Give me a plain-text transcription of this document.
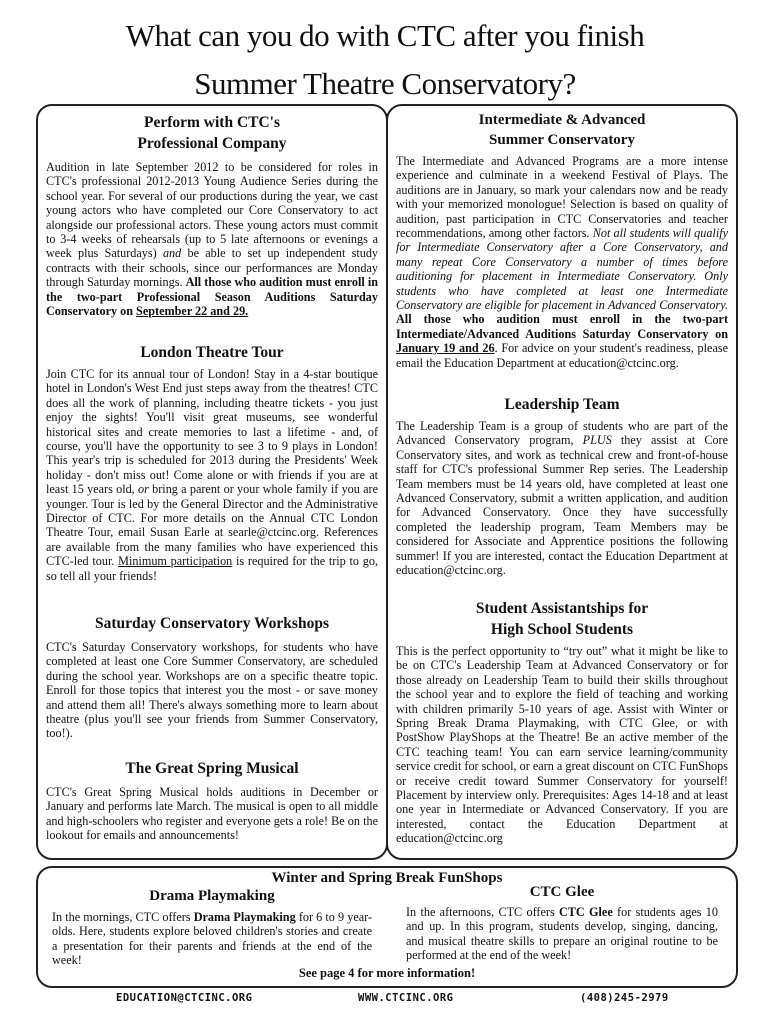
What can you do with CTC after you finish
Summer Theatre Conservatory?
Perform with CTC's
Professional Company

Audition in late September 2012 to be considered for roles in CTC's professional 2012-2013 Young Audience Series during the school year. For several of our productions during the year, we cast young actors who have completed our Core Conservatory to act alongside our professional actors. These young actors must commit to 3-4 weeks of rehearsals (up to 5 late afternoons or evenings a week plus Saturdays) and be able to set up independent study contracts with their schools, since our performances are Monday through Saturday mornings. All those who audition must enroll in the two-part Professional Season Auditions Saturday Conservatory on September 22 and 29.

London Theatre Tour

Join CTC for its annual tour of London! Stay in a 4-star boutique hotel in London's West End just steps away from the theatres! CTC does all the work of planning, including theatre tickets - you just enjoy the sights! You'll visit great museums, see wonderful historical sites and create memories to last a lifetime - and, of course, you'll have the opportunity to see 3 to 9 plays in London! This year's trip is scheduled for 2013 during the Presidents' Week holiday - don't miss out! Come alone or with friends if you are at least 15 years old, or bring a parent or your whole family if you are younger. Tour is led by the General Director and the Administrative Director of CTC. For more details on the Annual CTC London Theatre Tour, email Susan Earle at searle@ctcinc.org. References are available from the many families who have experienced this CTC-led tour. Minimum participation is required for the trip to go, so tell all your friends!

Saturday Conservatory Workshops

CTC's Saturday Conservatory workshops, for students who have completed at least one Core Summer Conservatory, are scheduled during the school year. Workshops are on a specific theatre topic. Enroll for those topics that interest you the most - or save money and attend them all! There's always something more to learn about theatre (plus you'll see your friends from Summer Conservatory, too!).

The Great Spring Musical

CTC's Great Spring Musical holds auditions in December or January and performs late March. The musical is open to all middle and high-schoolers who register and everyone gets a role! Be on the lookout for emails and announcements!

Intermediate & Advanced
Summer Conservatory

The Intermediate and Advanced Programs are a more intense experience and culminate in a weekend Festival of Plays. The auditions are in January, so mark your calendars now and be ready with your memorized monologue! Selection is based on quality of audition, past participation in CTC Conservatories and teacher recommendations, among other factors. Not all students will qualify for Intermediate Conservatory after a Core Conservatory, and many repeat Core Conservatory a number of times before auditioning for placement in Intermediate Conservatory. Only students who have completed at least one Intermediate Conservatory are eligible for placement in Advanced Conservatory. All those who audition must enroll in the two-part Intermediate/Advanced Auditions Saturday Conservatory on January 19 and 26. For advice on your student's readiness, please email the Education Department at education@ctcinc.org.

Leadership Team

The Leadership Team is a group of students who are part of the Advanced Conservatory program, PLUS they assist at Core Conservatory sites, and work as technical crew and front-of-house staff for CTC's professional Summer Rep series. The Leadership Team members must be 14 years old, have completed at least one Advanced Conservatory, submit a written application, and audition for Advanced Conservatory. Once they have successfully completed the leadership program, Team Members may be considered for Associate and Apprentice positions the following summer! If you are interested, contact the Education Department at education@ctcinc.org.

Student Assistantships for
High School Students

This is the perfect opportunity to “try out” what it might be like to be on CTC's Leadership Team at Advanced Conservatory or for those already on Leadership Team to build their skills throughout the school year and to explore the field of teaching and working with children primarily 5-10 years of age. Assist with Winter or Spring Break Drama Playmaking, with CTC Glee, or with PostShow PlayShops at the Theatre! Be an active member of the CTC teaching team! You can earn service learning/community service credit for school, or earn a great discount on CTC FunShops or receive credit toward Summer Conservatory for yourself! Placement by interview only. Prerequisites: Ages 14-18 and at least one year in Intermediate or Advanced Conservatory. If you are interested, contact the Education Department at education@ctcinc.org

Winter and Spring Break FunShops
Drama Playmaking

In the mornings, CTC offers Drama Playmaking for 6 to 9 year-olds. Here, students explore beloved children's stories and create a presentation for their parents and friends at the end of the week!

CTC Glee

In the afternoons, CTC offers CTC Glee for students ages 10 and up. In this program, students develop, singing, dancing, and musical theatre skills to prepare an original routine to be performed at the end of the week!

See page 4 for more information!
EDUCATION@CTCINC.ORG	WWW.CTCINC.ORG	(408)245-2979
